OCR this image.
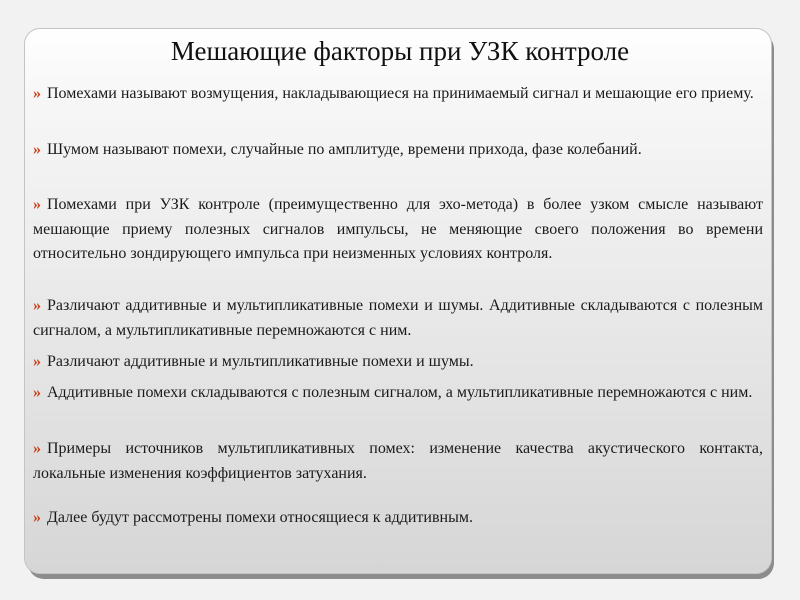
Мешающие факторы при УЗК контроле

» Помехами называют возмущения, накладывающиеся на принимаемый сигнал и мешающие его приему.

» Шумом называют помехи, случайные по амплитуде, времени прихода, фазе колебаний.

» Помехами при УЗК контроле (преимущественно для эхо-метода) в более узком смысле называют мешающие приему полезных сигналов импульсы, не меняющие своего положения во времени относительно зондирующего импульса при неизменных условиях контроля.

» Различают аддитивные и мультипликативные помехи и шумы. Аддитивные складываются с полезным сигналом, а мультипликативные перемножаются с ним.

» Различают аддитивные и мультипликативные помехи и шумы.

» Аддитивные помехи складываются с полезным сигналом, а мультипликативные перемножаются с ним.

» Примеры источников мультипликативных помех: изменение качества акустического контакта, локальные изменения коэффициентов затухания.

» Далее будут рассмотрены помехи относящиеся к аддитивным.
